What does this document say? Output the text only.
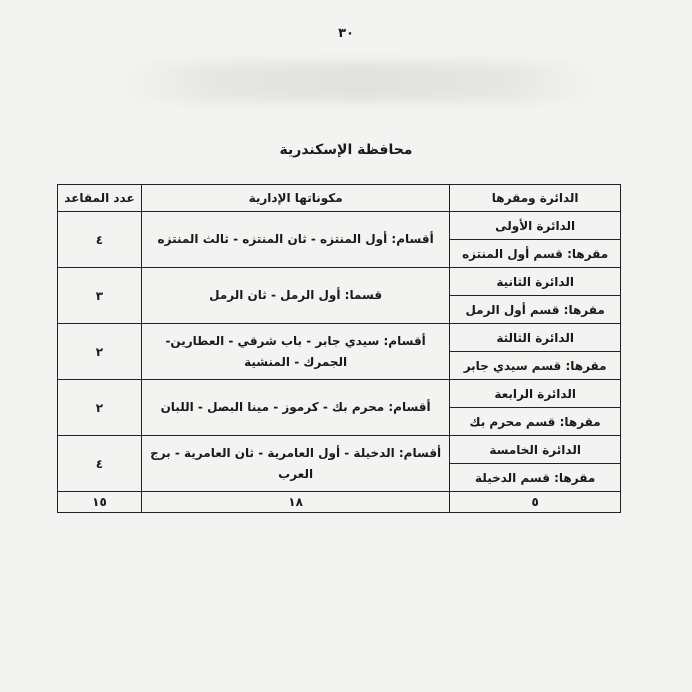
٣٠
محافظة الإسكندرية
الدائرة ومقرها	مكوناتها الإدارية	عدد المقاعد
الدائرة الأولى	أقسام: أول المنتزه - ثان المنتزه - ثالث المنتزه	٤
مقرها: قسم أول المنتزه		
الدائرة الثانية	قسما: أول الرمل - ثان الرمل	٣
مقرها: قسم أول الرمل		
الدائرة الثالثة	أقسام: سيدي جابر - باب شرقي - العطارين- الجمرك - المنشية	٢
مقرها: قسم سيدي جابر		
الدائرة الرابعة	أقسام: محرم بك - كرموز - مينا البصل - اللبان	٢
مقرها: قسم محرم بك		
الدائرة الخامسة	أقسام: الدخيلة - أول العامرية - ثان العامرية - برج العرب	٤
مقرها: قسم الدخيلة		
٥	١٨	١٥
